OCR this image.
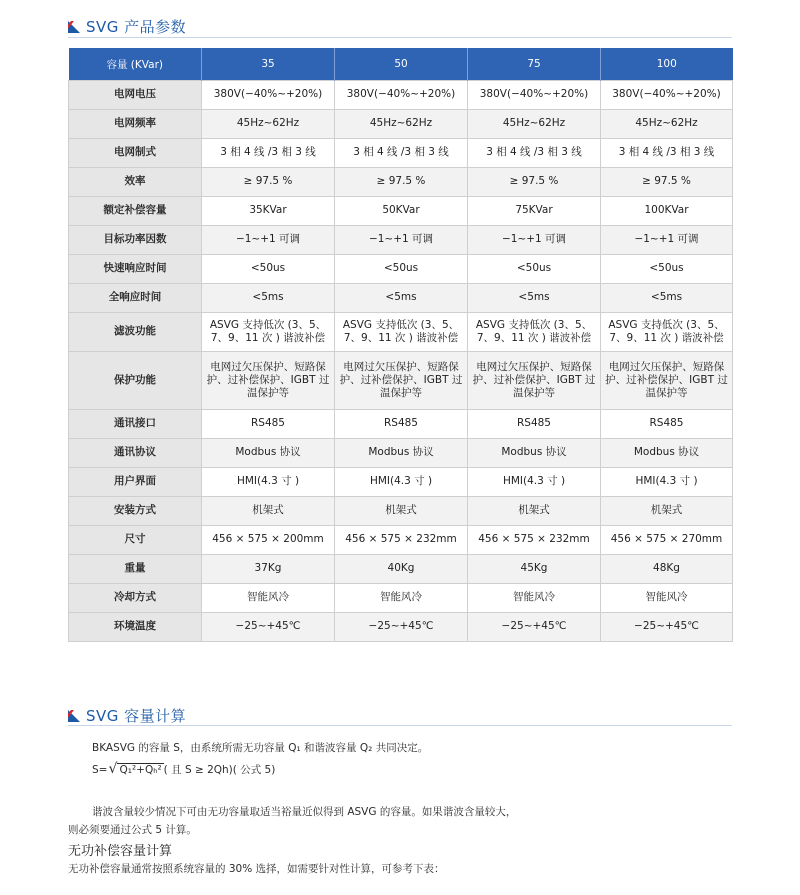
SVG 产品参数
容量 (KVar)	35	50	75	100
电网电压	380V(−40%~+20%)	380V(−40%~+20%)	380V(−40%~+20%)	380V(−40%~+20%)
电网频率	45Hz~62Hz	45Hz~62Hz	45Hz~62Hz	45Hz~62Hz
电网制式	3 相 4 线 /3 相 3 线	3 相 4 线 /3 相 3 线	3 相 4 线 /3 相 3 线	3 相 4 线 /3 相 3 线
效率	≥ 97.5 %	≥ 97.5 %	≥ 97.5 %	≥ 97.5 %
额定补偿容量	35KVar	50KVar	75KVar	100KVar
目标功率因数	−1~+1 可调	−1~+1 可调	−1~+1 可调	−1~+1 可调
快速响应时间	<50us	<50us	<50us	<50us
全响应时间	<5ms	<5ms	<5ms	<5ms
滤波功能	ASVG 支持低次 (3、5、7、9、11 次 ) 谐波补偿	ASVG 支持低次 (3、5、7、9、11 次 ) 谐波补偿	ASVG 支持低次 (3、5、7、9、11 次 ) 谐波补偿	ASVG 支持低次 (3、5、7、9、11 次 ) 谐波补偿
保护功能	电网过欠压保护、短路保护、过补偿保护、IGBT 过温保护等	电网过欠压保护、短路保护、过补偿保护、IGBT 过温保护等	电网过欠压保护、短路保护、过补偿保护、IGBT 过温保护等	电网过欠压保护、短路保护、过补偿保护、IGBT 过温保护等
通讯接口	RS485	RS485	RS485	RS485
通讯协议	Modbus 协议	Modbus 协议	Modbus 协议	Modbus 协议
用户界面	HMI(4.3 寸 )	HMI(4.3 寸 )	HMI(4.3 寸 )	HMI(4.3 寸 )
安装方式	机架式	机架式	机架式	机架式
尺寸	456 × 575 × 200mm	456 × 575 × 232mm	456 × 575 × 232mm	456 × 575 × 270mm
重量	37Kg	40Kg	45Kg	48Kg
冷却方式	智能风冷	智能风冷	智能风冷	智能风冷
环境温度	−25~+45℃	−25~+45℃	−25~+45℃	−25~+45℃
SVG 容量计算
BKASVG 的容量 S，由系统所需无功容量 Q₁ 和谐波容量 Q₂ 共同决定。
S= √ Q₁²+Qₕ² ( 且 S ≥ 2Qh)( 公式 5)
谐波含量较少情况下可由无功容量取适当裕量近似得到 ASVG 的容量。如果谐波含量较大，
则必须要通过公式 5 计算。
无功补偿容量计算
无功补偿容量通常按照系统容量的 30% 选择，如需要针对性计算，可参考下表：
